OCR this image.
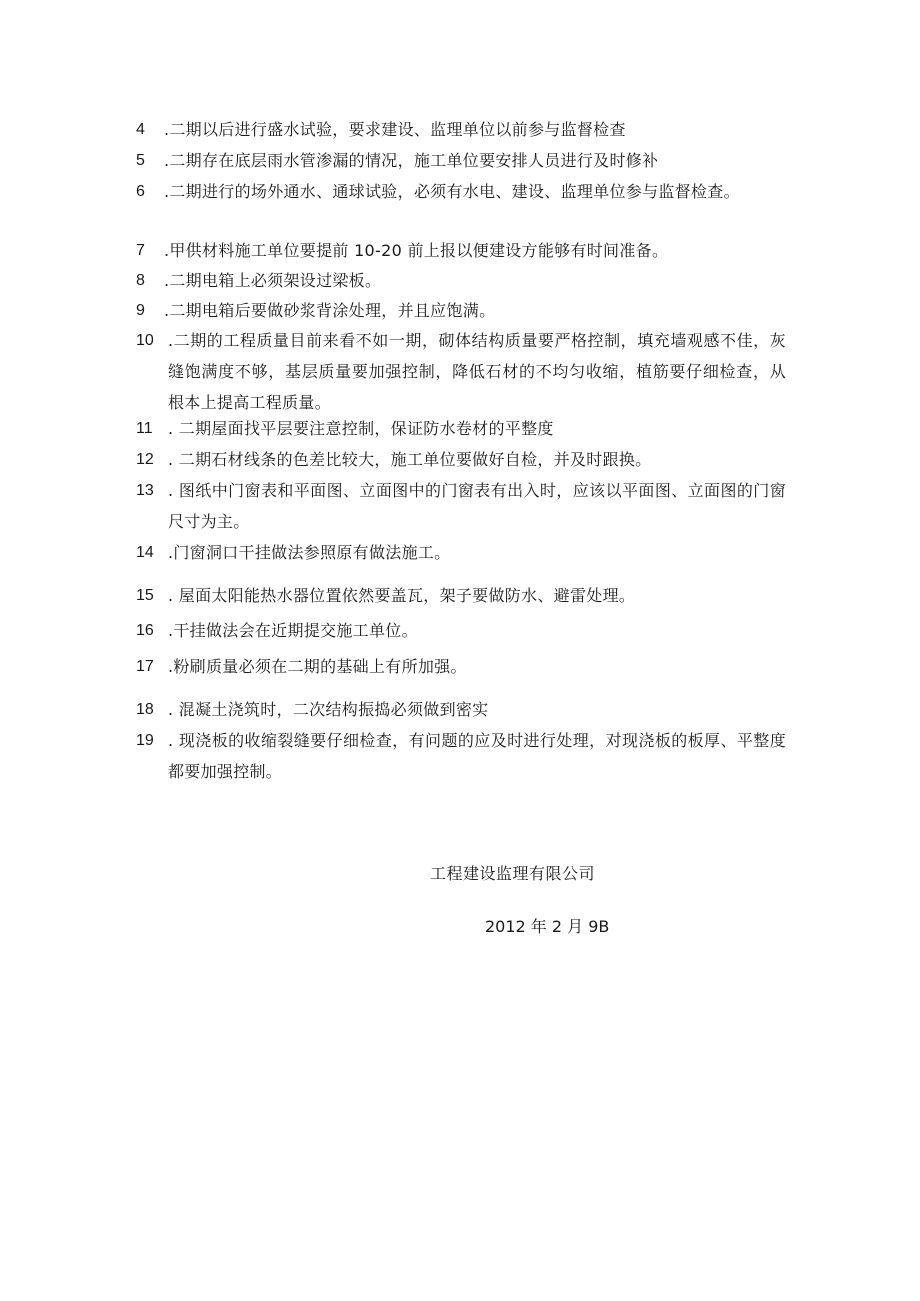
4	.二期以后进行盛水试验，要求建设、监理单位以前参与监督检查
5	.二期存在底层雨水管渗漏的情况，施工单位要安排人员进行及时修补
6	.二期进行的场外通水、通球试验，必须有水电、建设、监理单位参与监督检查。
7	.甲供材料施工单位要提前 10-20 前上报以便建设方能够有时间准备。
8	.二期电箱上必须架设过梁板。
9	.二期电箱后要做砂浆背涂处理，并且应饱满。
10 .二期的工程质量目前来看不如一期，砌体结构质量要严格控制，填充墙观感不佳，灰缝饱满度不够，基层质量要加强控制，降低石材的不均匀收缩，植筋要仔细检查，从根本上提高工程质量。
11 . 二期屋面找平层要注意控制，保证防水卷材的平整度
12 . 二期石材线条的色差比较大，施工单位要做好自检，并及时跟换。
13 . 图纸中门窗表和平面图、立面图中的门窗表有出入时，应该以平面图、立面图的门窗尺寸为主。
14 .门窗洞口干挂做法参照原有做法施工。
15 . 屋面太阳能热水器位置依然要盖瓦，架子要做防水、避雷处理。
16 .干挂做法会在近期提交施工单位。
17 .粉刷质量必须在二期的基础上有所加强。
18 . 混凝土浇筑时，二次结构振捣必须做到密实
19 . 现浇板的收缩裂缝要仔细检查，有问题的应及时进行处理，对现浇板的板厚、平整度都要加强控制。
工程建设监理有限公司
2012 年 2 月 9B
